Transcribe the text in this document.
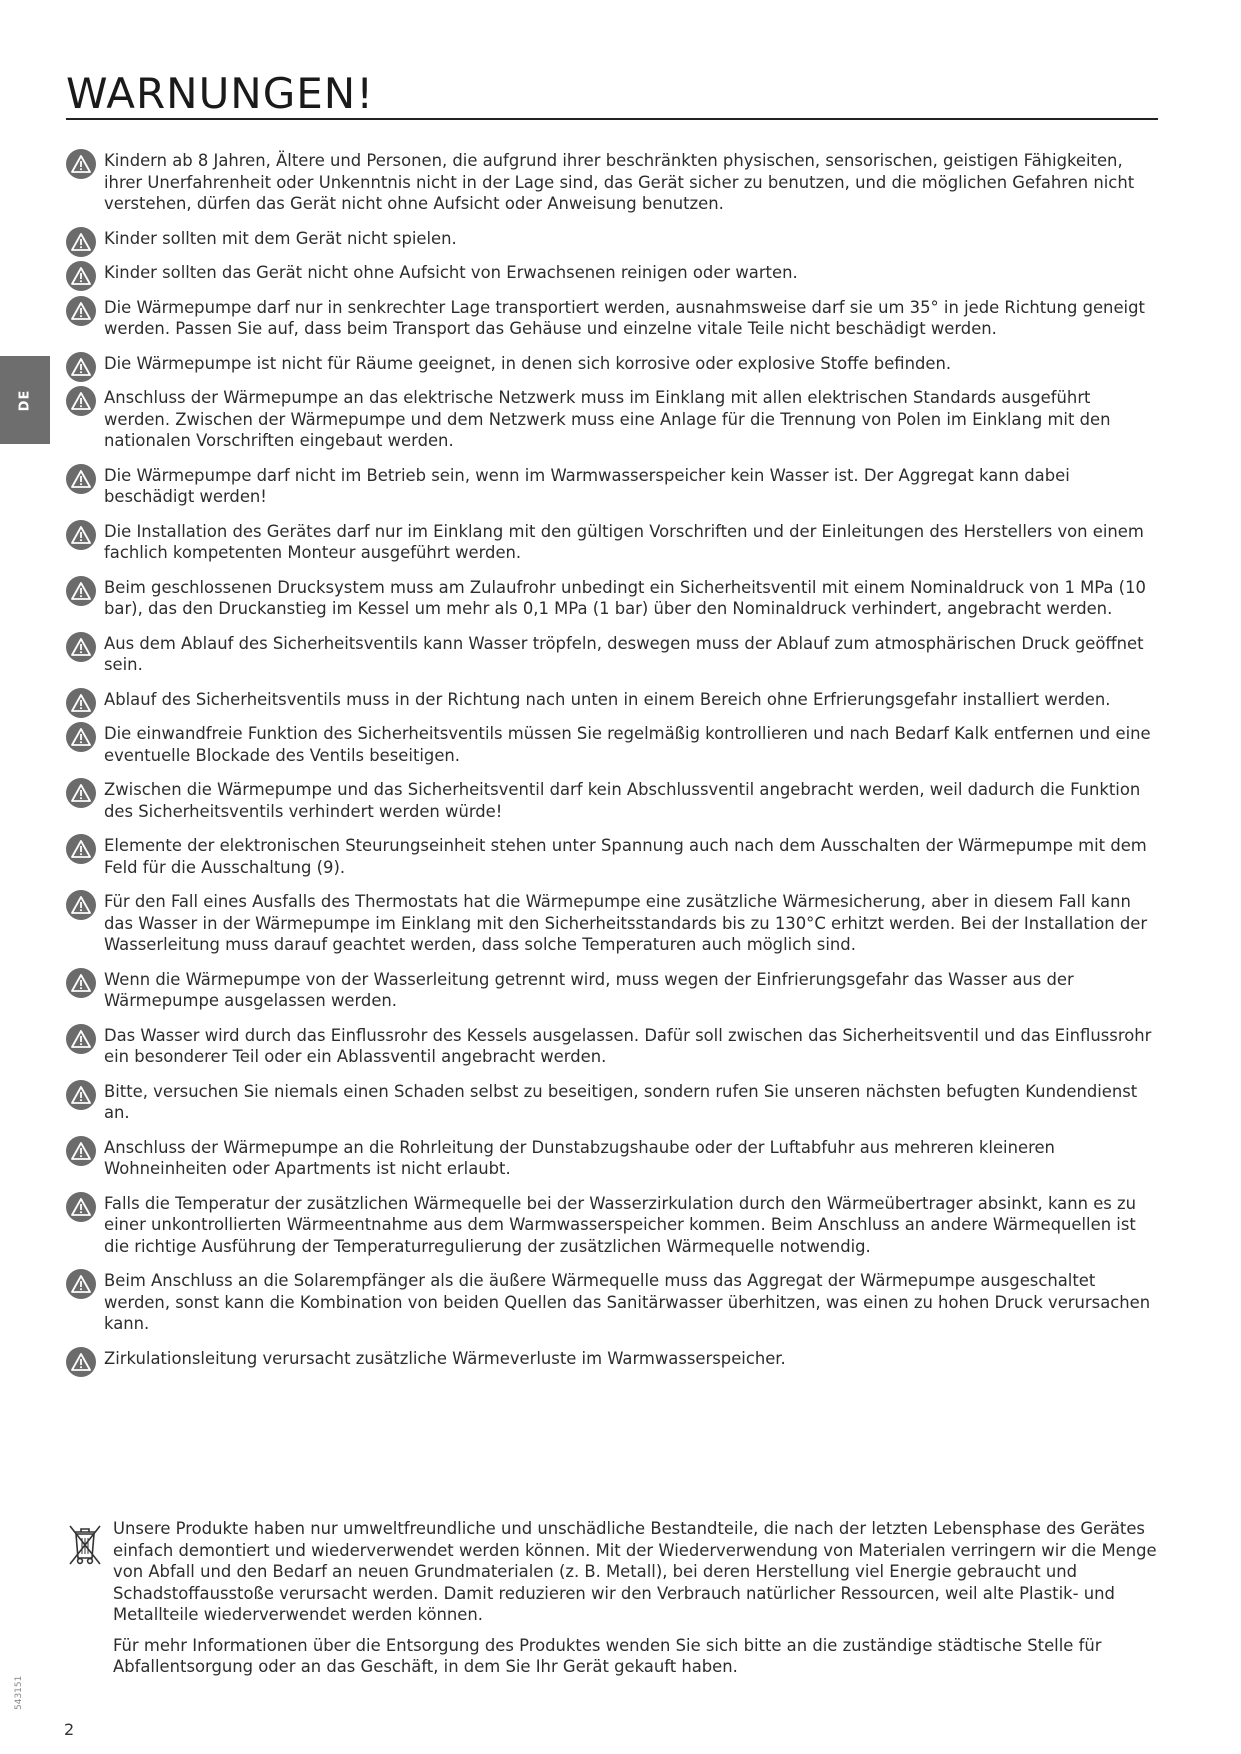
WARNUNGEN!
DE
Kindern ab 8 Jahren, Ältere und Personen, die aufgrund ihrer beschränkten physischen, sensorischen, geistigen Fähigkeiten, ihrer Unerfahrenheit oder Unkenntnis nicht in der Lage sind, das Gerät sicher zu benutzen, und die möglichen Gefahren nicht verstehen, dürfen das Gerät nicht ohne Aufsicht oder Anweisung benutzen.
Kinder sollten mit dem Gerät nicht spielen.
Kinder sollten das Gerät nicht ohne Aufsicht von Erwachsenen reinigen oder warten.
Die Wärmepumpe darf nur in senkrechter Lage transportiert werden, ausnahmsweise darf sie um 35° in jede Richtung geneigt werden. Passen Sie auf, dass beim Transport das Gehäuse und einzelne vitale Teile nicht beschädigt werden.
Die Wärmepumpe ist nicht für Räume geeignet, in denen sich korrosive oder explosive Stoffe befinden.
Anschluss der Wärmepumpe an das elektrische Netzwerk muss im Einklang mit allen elektrischen Standards ausgeführt werden. Zwischen der Wärmepumpe und dem Netzwerk muss eine Anlage für die Trennung von Polen im Einklang mit den nationalen Vorschriften eingebaut werden.
Die Wärmepumpe darf nicht im Betrieb sein, wenn im Warmwasserspeicher kein Wasser ist. Der Aggregat kann dabei beschädigt werden!
Die Installation des Gerätes darf nur im Einklang mit den gültigen Vorschriften und der Einleitungen des Herstellers von einem fachlich kompetenten Monteur ausgeführt werden.
Beim geschlossenen Drucksystem muss am Zulaufrohr unbedingt ein Sicherheitsventil mit einem Nominaldruck von 1 MPa (10 bar), das den Druckanstieg im Kessel um mehr als 0,1 MPa (1 bar) über den Nominaldruck verhindert, angebracht werden.
Aus dem Ablauf des Sicherheitsventils kann Wasser tröpfeln, deswegen muss der Ablauf zum atmosphärischen Druck geöffnet sein.
Ablauf des Sicherheitsventils muss in der Richtung nach unten in einem Bereich ohne Erfrierungsgefahr installiert werden.
Die einwandfreie Funktion des Sicherheitsventils müssen Sie regelmäßig kontrollieren und nach Bedarf Kalk entfernen und eine eventuelle Blockade des Ventils beseitigen.
Zwischen die Wärmepumpe und das Sicherheitsventil darf kein Abschlussventil angebracht werden, weil dadurch die Funktion des Sicherheitsventils verhindert werden würde!
Elemente der elektronischen Steurungseinheit stehen unter Spannung auch nach dem Ausschalten der Wärmepumpe mit dem Feld für die Ausschaltung (9).
Für den Fall eines Ausfalls des Thermostats hat die Wärmepumpe eine zusätzliche Wärmesicherung, aber in diesem Fall kann das Wasser in der Wärmepumpe im Einklang mit den Sicherheitsstandards bis zu 130°C erhitzt werden. Bei der Installation der Wasserleitung muss darauf geachtet werden, dass solche Temperaturen auch möglich sind.
Wenn die Wärmepumpe von der Wasserleitung getrennt wird, muss wegen der Einfrierungsgefahr das Wasser aus der Wärmepumpe ausgelassen werden.
Das Wasser wird durch das Einflussrohr des Kessels ausgelassen. Dafür soll zwischen das Sicherheitsventil und das Einflussrohr ein besonderer Teil oder ein Ablassventil angebracht werden.
Bitte, versuchen Sie niemals einen Schaden selbst zu beseitigen, sondern rufen Sie unseren nächsten befugten Kundendienst an.
Anschluss der Wärmepumpe an die Rohrleitung der Dunstabzugshaube oder der Luftabfuhr aus mehreren kleineren Wohneinheiten oder Apartments ist nicht erlaubt.
Falls die Temperatur der zusätzlichen Wärmequelle bei der Wasserzirkulation durch den Wärmeübertrager absinkt, kann es zu einer unkontrollierten Wärmeentnahme aus dem Warmwasserspeicher kommen. Beim Anschluss an andere Wärmequellen ist die richtige Ausführung der Temperaturregulierung der zusätzlichen Wärmequelle notwendig.
Beim Anschluss an die Solarempfänger als die äußere Wärmequelle muss das Aggregat der Wärmepumpe ausgeschaltet werden, sonst kann die Kombination von beiden Quellen das Sanitärwasser überhitzen, was einen zu hohen Druck verursachen kann.
Zirkulationsleitung verursacht zusätzliche Wärmeverluste im Warmwasserspeicher.

Unsere Produkte haben nur umweltfreundliche und unschädliche Bestandteile, die nach der letzten Lebensphase des Gerätes einfach demontiert und wiederverwendet werden können. Mit der Wiederverwendung von Materialen verringern wir die Menge von Abfall und den Bedarf an neuen Grundmaterialen (z. B. Metall), bei deren Herstellung viel Energie gebraucht und Schadstoffausstoße verursacht werden. Damit reduzieren wir den Verbrauch natürlicher Ressourcen, weil alte Plastik- und Metallteile wiederverwendet werden können.

Für mehr Informationen über die Entsorgung des Produktes wenden Sie sich bitte an die zuständige städtische Stelle für Abfallentsorgung oder an das Geschäft, in dem Sie Ihr Gerät gekauft haben.

543151
2
